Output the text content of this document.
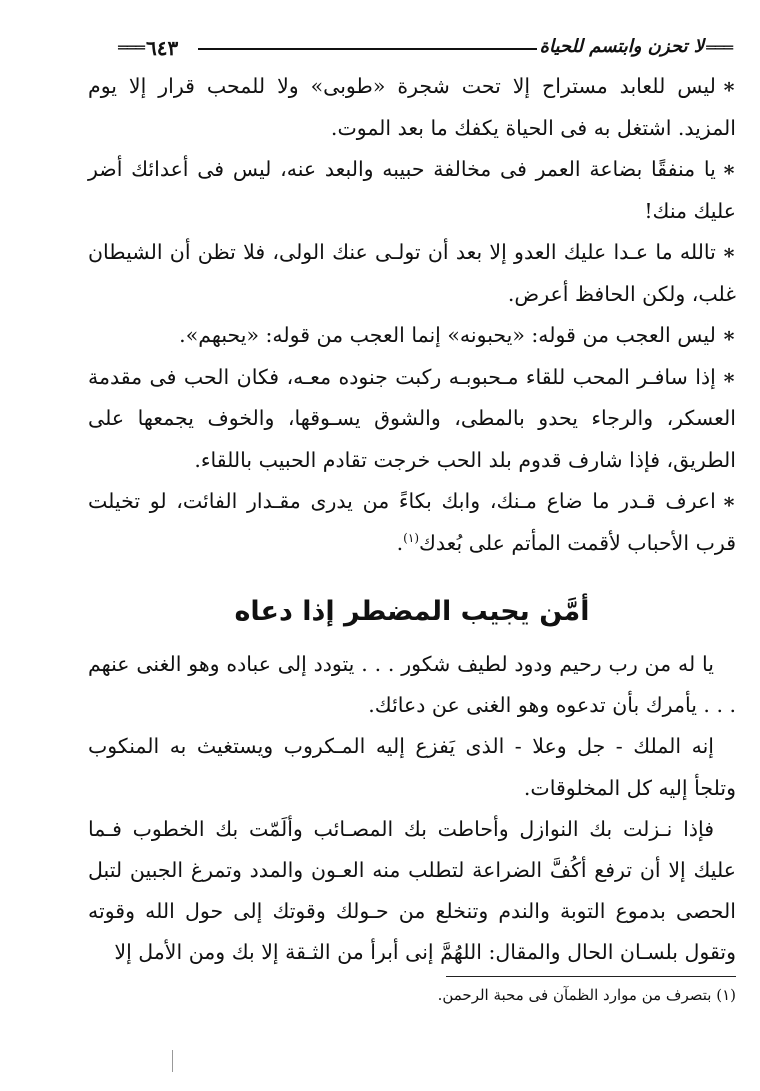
═══ ٦٤٣	لا تحزن وابتسم للحياة ═══

∗ليس للعابد مستراح إلا تحت شجرة «طوبى» ولا للمحب قرار إلا يوم المزيد. اشتغل به فى الحياة يكفك ما بعد الموت.

∗يا منفقًا بضاعة العمر فى مخالفة حبيبه والبعد عنه، ليس فى أعدائك أضر عليك منك!

∗تالله ما عـدا عليك العدو إلا بعد أن تولـى عنك الولى، فلا تظن أن الشيطان غلب، ولكن الحافظ أعرض.

∗ليس العجب من قوله: «يحبونه» إنما العجب من قوله: «يحبهم».

∗إذا سافـر المحب للقاء مـحبوبـه ركبت جنوده معـه، فكان الحب فى مقدمة العسكر، والرجاء يحدو بالمطى، والشوق يسـوقها، والخوف يجمعها على الطريق، فإذا شارف قدوم بلد الحب خرجت تقادم الحبيب باللقاء.

∗اعرف قـدر ما ضاع مـنك، وابك بكاءً من يدرى مقـدار الفائت، لو تخيلت قرب الأحباب لأقمت المأتم على بُعدك$^{(١)}$.

أمَّن يجيب المضطر إذا دعاه

يا له من رب رحيم ودود لطيف شكور . . . يتودد إلى عباده وهو الغنى عنهم . . . يأمرك بأن تدعوه وهو الغنى عن دعائك.

إنه الملك - جل وعلا - الذى يَفزع إليه المـكروب ويستغيث به المنكوب وتلجأ إليه كل المخلوقات.

فإذا نـزلت بك النوازل وأحاطت بك المصـائب وألَمّت بك الخطوب فـما عليك إلا أن ترفع أكُفَّ الضراعة لتطلب منه العـون والمدد وتمرغ الجبين لتبل الحصى بدموع التوبة والندم وتنخلع من حـولك وقوتك إلى حول الله وقوته وتقول بلسـان الحال والمقال: اللهُمَّ إنى أبرأ من الثـقة إلا بك ومن الأمل إلا

(١) بتصرف من موارد الظمآن فى محبة الرحمن.
